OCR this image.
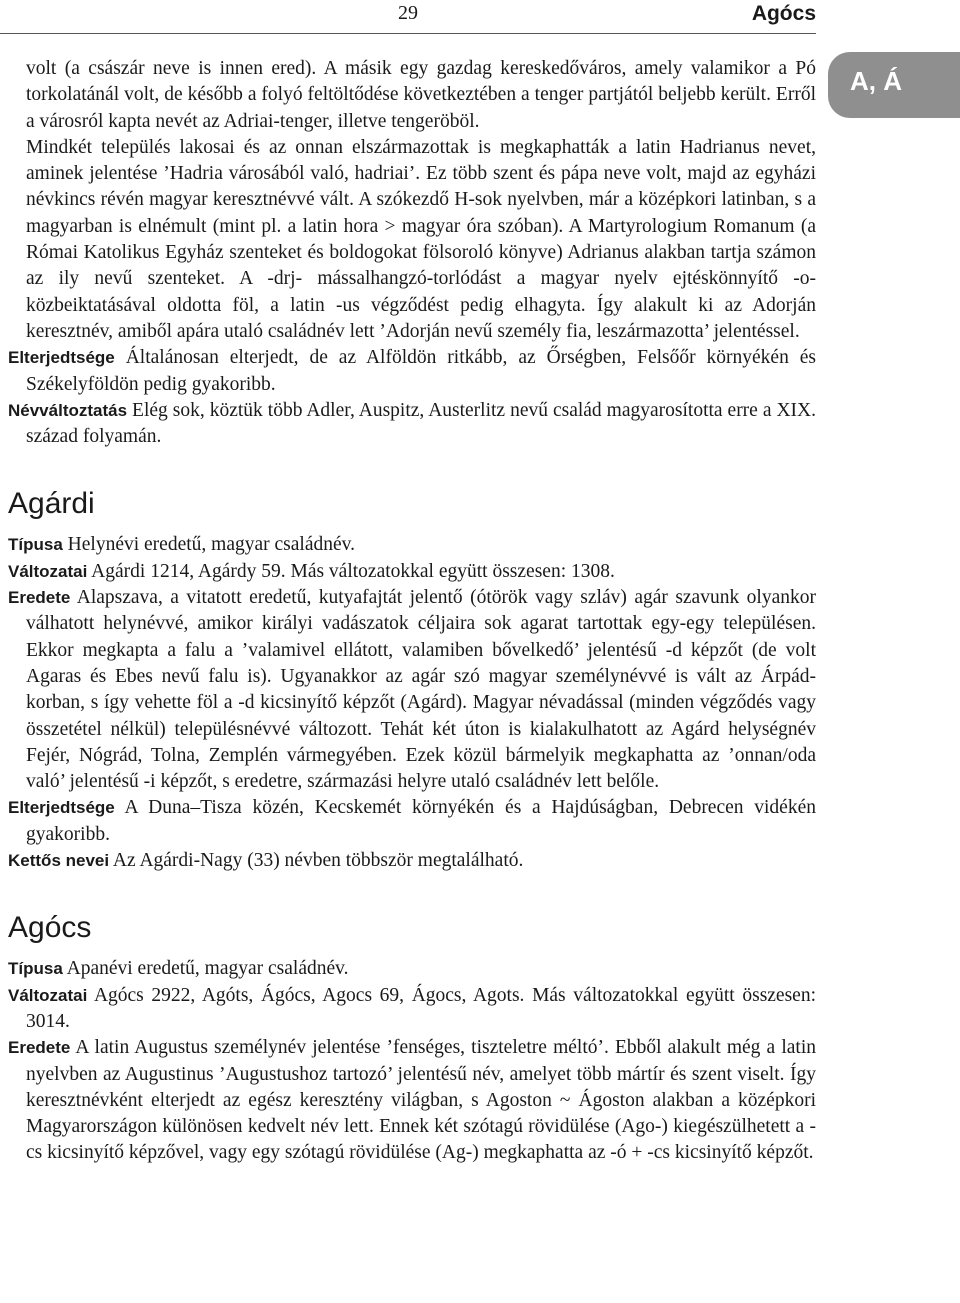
29	Agócs
A, Á

volt (a császár neve is innen ered). A másik egy gazdag kereskedőváros, amely valamikor a Pó torkolatánál volt, de később a folyó feltöltődése következtében a tenger partjától beljebb került. Erről a városról kapta nevét az Adriai-tenger, illetve tengeröböl.

Mindkét település lakosai és az onnan elszármazottak is megkaphatták a latin Hadrianus nevet, aminek jelentése ’Hadria városából való, hadriai’. Ez több szent és pápa neve volt, majd az egyházi névkincs révén magyar keresztnévvé vált. A szókezdő H-sok nyelvben, már a középkori latinban, s a magyarban is elnémult (mint pl. a latin hora > magyar óra szóban). A Martyrologium Romanum (a Római Katolikus Egyház szenteket és boldogokat fölsoroló könyve) Adrianus alakban tartja számon az ily nevű szenteket. A -drj- mássalhangzó-torlódást a magyar nyelv ejtéskönnyítő -o-közbeiktatásával oldotta föl, a latin -us végződést pedig elhagyta. Így alakult ki az Adorján keresztnév, amiből apára utaló családnév lett ’Adorján nevű személy fia, leszármazotta’ jelentéssel.

Elterjedtsége Általánosan elterjedt, de az Alföldön ritkább, az Őrségben, Felsőőr környékén és Székelyföldön pedig gyakoribb.

Névváltoztatás Elég sok, köztük több Adler, Auspitz, Austerlitz nevű család magyarosította erre a XIX. század folyamán.

Agárdi

Típusa Helynévi eredetű, magyar családnév.

Változatai Agárdi 1214, Agárdy 59. Más változatokkal együtt összesen: 1308.

Eredete Alapszava, a vitatott eredetű, kutyafajtát jelentő (ótörök vagy szláv) agár szavunk olyankor válhatott helynévvé, amikor királyi vadászatok céljaira sok agarat tartottak egy-egy településen. Ekkor megkapta a falu a ’valamivel ellátott, valamiben bővelkedő’ jelentésű -d képzőt (de volt Agaras és Ebes nevű falu is). Ugyanakkor az agár szó magyar személynévvé is vált az Árpád-korban, s így vehette föl a -d kicsinyítő képzőt (Agárd). Magyar névadással (minden végződés vagy összetétel nélkül) településnévvé változott. Tehát két úton is kialakulhatott az Agárd helységnév Fejér, Nógrád, Tolna, Zemplén vármegyében. Ezek közül bármelyik megkaphatta az ’onnan/oda való’ jelentésű -i képzőt, s eredetre, származási helyre utaló családnév lett belőle.

Elterjedtsége A Duna–Tisza közén, Kecskemét környékén és a Hajdúságban, Debrecen vidékén gyakoribb.

Kettős nevei Az Agárdi-Nagy (33) névben többször megtalálható.

Agócs

Típusa Apanévi eredetű, magyar családnév.

Változatai Agócs 2922, Agóts, Ágócs, Agocs 69, Ágocs, Agots. Más változatokkal együtt összesen: 3014.

Eredete A latin Augustus személynév jelentése ’fenséges, tiszteletre méltó’. Ebből alakult még a latin nyelvben az Augustinus ’Augustushoz tartozó’ jelentésű név, amelyet több mártír és szent viselt. Így keresztnévként elterjedt az egész keresztény világban, s Agoston ~ Ágoston alakban a középkori Magyarországon különösen kedvelt név lett. Ennek két szótagú rövidülése (Ago-) kiegészülhetett a -cs kicsinyítő képzővel, vagy egy szótagú rövidülése (Ag-) megkaphatta az -ó + -cs kicsinyítő képzőt.
